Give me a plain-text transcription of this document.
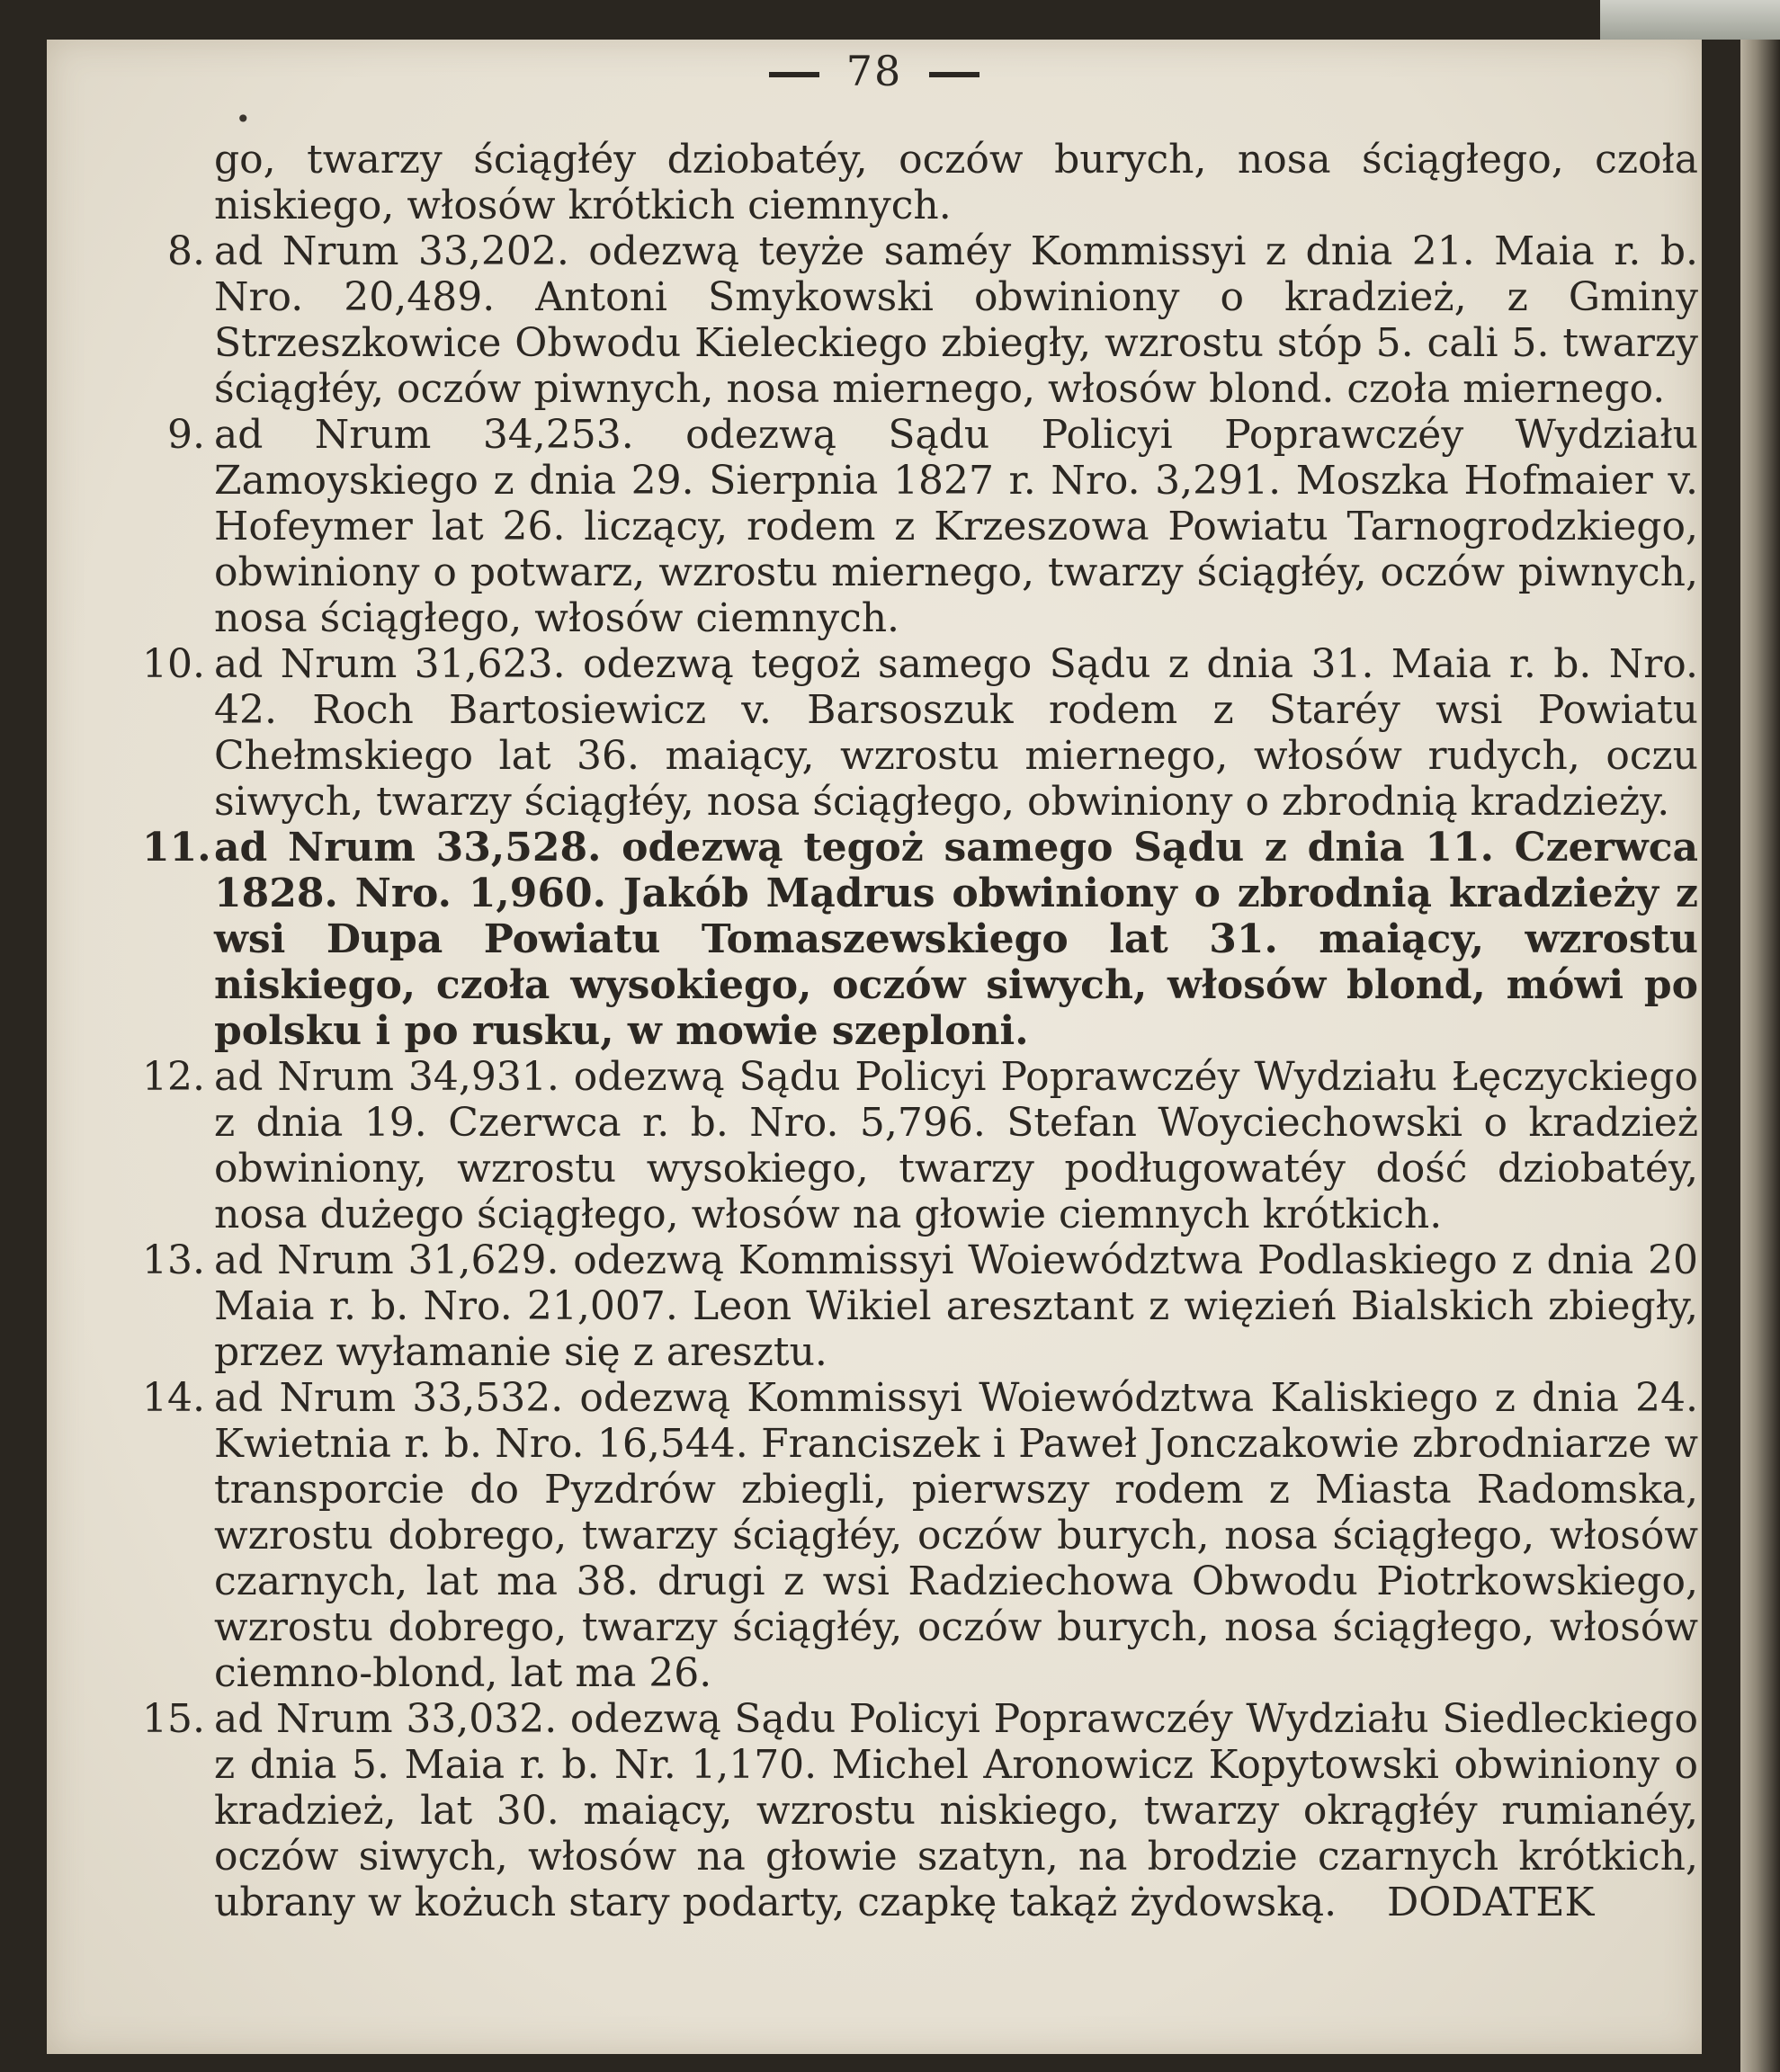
78
•

go, twarzy ściągłéy dziobatéy, oczów burych, nosa ściągłego, czoła niskiego, włosów krótkich ciemnych.

8. ad Nrum 33,202. odezwą teyże saméy Kommissyi z dnia 21. Maia r. b. Nro. 20,489. Antoni Smykowski obwiniony o kradzież, z Gminy Strzeszkowice Obwodu Kieleckiego zbiegły, wzrostu stóp 5. cali 5. twarzy ściągłéy, oczów piwnych, nosa miernego, włosów blond. czoła miernego.

9. ad Nrum 34,253. odezwą Sądu Policyi Poprawczéy Wydziału Zamoyskiego z dnia 29. Sierpnia 1827 r. Nro. 3,291. Moszka Hofmaier v. Hofeymer lat 26. liczący, rodem z Krzeszowa Powiatu Tarnogrodzkiego, obwiniony o potwarz, wzrostu miernego, twarzy ściągłéy, oczów piwnych, nosa ściągłego, włosów ciemnych.

10. ad Nrum 31,623. odezwą tegoż samego Sądu z dnia 31. Maia r. b. Nro. 42. Roch Bartosiewicz v. Barsoszuk rodem z Staréy wsi Powiatu Chełmskiego lat 36. maiący, wzrostu miernego, włosów rudych, oczu siwych, twarzy ściągłéy, nosa ściągłego, obwiniony o zbrodnią kradzieży.

11. ad Nrum 33,528. odezwą tegoż samego Sądu z dnia 11. Czerwca 1828. Nro. 1,960. Jakób Mądrus obwiniony o zbrodnią kradzieży z wsi Dupa Powiatu Tomaszewskiego lat 31. maiący, wzrostu niskiego, czoła wysokiego, oczów siwych, włosów blond, mówi po polsku i po rusku, w mowie szeploni.

12. ad Nrum 34,931. odezwą Sądu Policyi Poprawczéy Wydziału Łęczyckiego z dnia 19. Czerwca r. b. Nro. 5,796. Stefan Woyciechowski o kradzież obwiniony, wzrostu wysokiego, twarzy podługowatéy dość dziobatéy, nosa dużego ściągłego, włosów na głowie ciemnych krótkich.

13. ad Nrum 31,629. odezwą Kommissyi Woiewództwa Podlaskiego z dnia 20 Maia r. b. Nro. 21,007. Leon Wikiel aresztant z więzień Bialskich zbiegły, przez wyłamanie się z aresztu.

14. ad Nrum 33,532. odezwą Kommissyi Woiewództwa Kaliskiego z dnia 24. Kwietnia r. b. Nro. 16,544. Franciszek i Paweł Jonczakowie zbrodniarze w transporcie do Pyzdrów zbiegli, pierwszy rodem z Miasta Radomska, wzrostu dobrego, twarzy ściągłéy, oczów burych, nosa ściągłego, włosów czarnych, lat ma 38. drugi z wsi Radziechowa Obwodu Piotrkowskiego, wzrostu dobrego, twarzy ściągłéy, oczów burych, nosa ściągłego, włosów ciemno-blond, lat ma 26.

15. ad Nrum 33,032. odezwą Sądu Policyi Poprawczéy Wydziału Siedleckiego z dnia 5. Maia r. b. Nr. 1,170. Michel Aronowicz Kopytowski obwiniony o kradzież, lat 30. maiący, wzrostu niskiego, twarzy okrągłéy rumianéy, oczów siwych, włosów na głowie szatyn, na brodzie czarnych krótkich, ubrany w kożuch stary podarty, czapkę takąż żydowską. DODATEK
